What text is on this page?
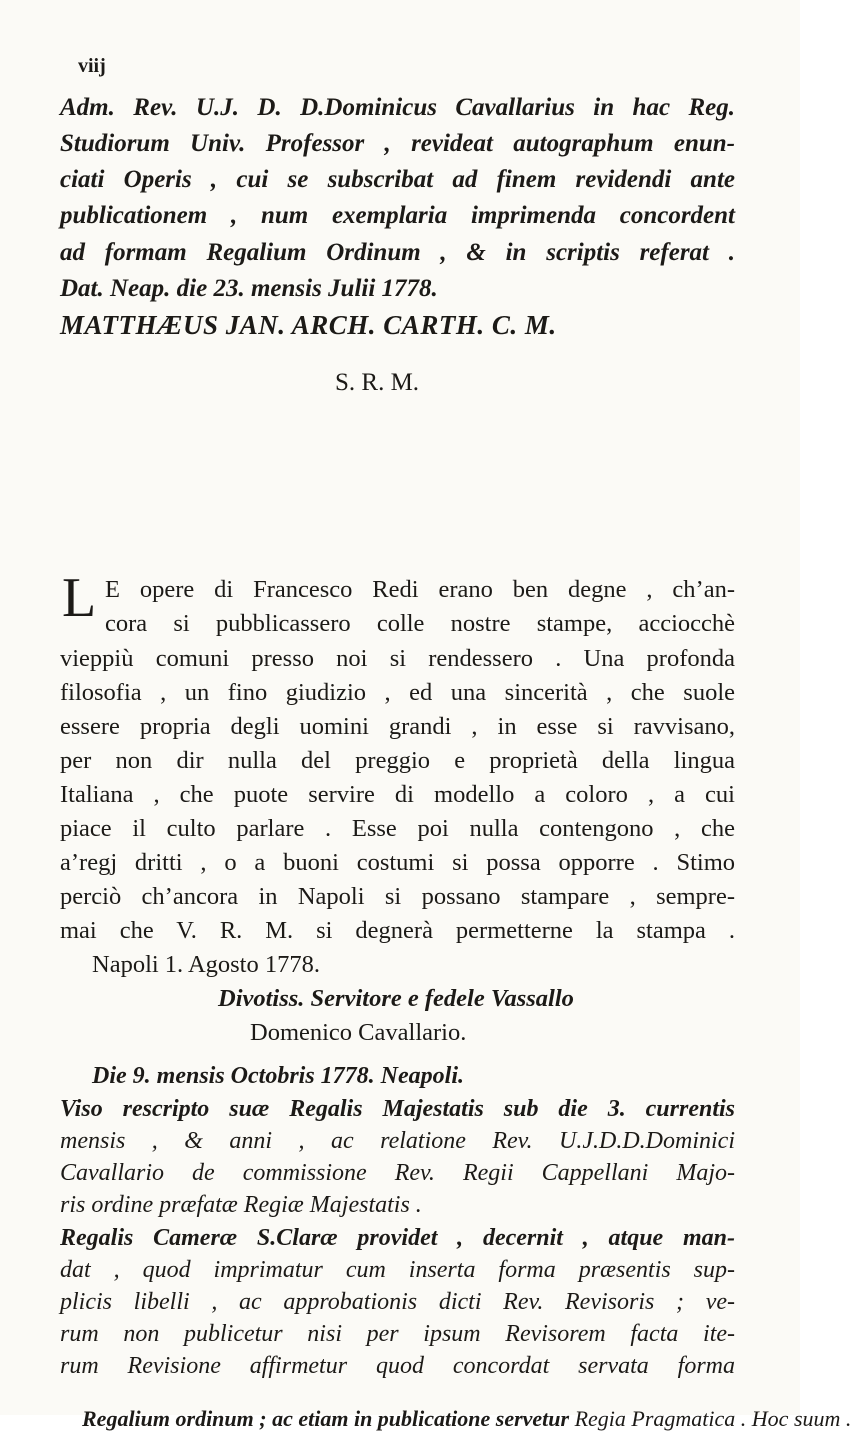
viij
Adm. Rev. U.J. D. D.Dominicus Cavallarius in hac Reg.
Studiorum Univ. Professor , revideat autographum enun-
ciati Operis , cui se subscribat ad finem revidendi ante
publicationem , num exemplaria imprimenda concordent
ad formam Regalium Ordinum , & in scriptis referat .
Dat. Neap. die 23. mensis Julii 1778.
MATTHÆUS JAN. ARCH. CARTH. C. M.
S. R. M.
L E opere di Francesco Redi erano ben degne , ch’an-
cora si pubblicassero colle nostre stampe, acciocchè
vieppiù comuni presso noi si rendessero . Una profonda
filosofia , un fino giudizio , ed una sincerità , che suole
essere propria degli uomini grandi , in esse si ravvisano,
per non dir nulla del preggio e proprietà della lingua
Italiana , che puote servire di modello a coloro , a cui
piace il culto parlare . Esse poi nulla contengono , che
a’regj dritti , o a buoni costumi si possa opporre . Stimo
perciò ch’ancora in Napoli si possano stampare , sempre-
mai che V. R. M. si degnerà permetterne la stampa .
Napoli 1. Agosto 1778.
Divotiss. Servitore e fedele Vassallo
Domenico Cavallario.
Die 9. mensis Octobris 1778. Neapoli.
Viso rescripto suæ Regalis Majestatis sub die 3. currentis
mensis , & anni , ac relatione Rev. U.J.D.D.Dominici
Cavallario de commissione Rev. Regii Cappellani Majo-
ris ordine præfatæ Regiæ Majestatis .
Regalis Cameræ S.Claræ providet , decernit , atque man-
dat , quod imprimatur cum inserta forma præsentis sup-
plicis libelli , ac approbationis dicti Rev. Revisoris ; ve-
rum non publicetur nisi per ipsum Revisorem facta ite-
rum Revisione affirmetur quod concordat servata forma

Regalium ordinum ; ac etiam in publicatione servetur Regia Pragmatica . Hoc suum .
